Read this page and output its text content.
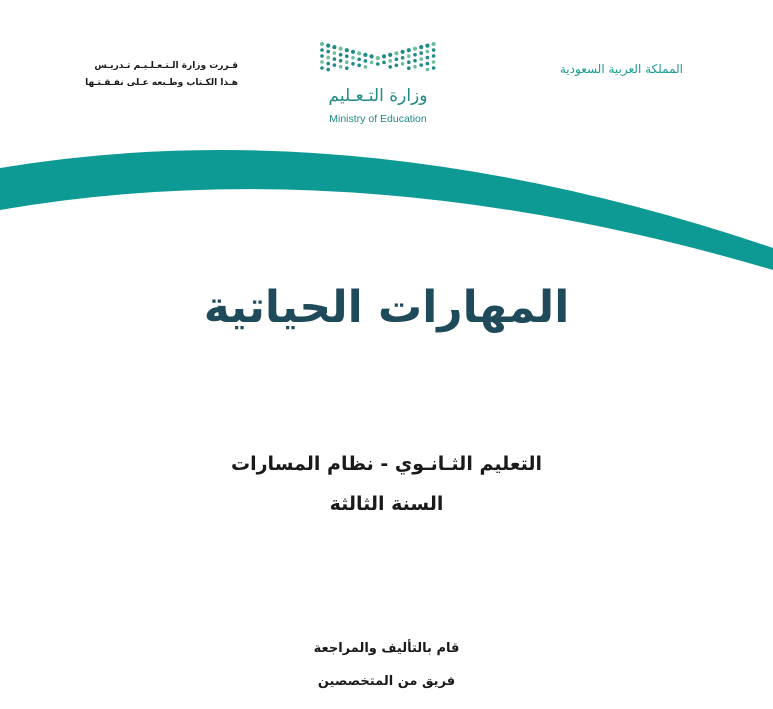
قـررت وزارة الـتـعـلـيـم تـدريـس
هـذا الكـتاب وطـبعه عـلى نفـقـتـها
وزارة التـعـليم
Ministry of Education
المملكة العربية السعودية
المهارات الحياتية
التعليم الثـانـوي - نظام المسارات
السنة الثالثة
قام بالتأليف والمراجعة
فريق من المتخصصين
